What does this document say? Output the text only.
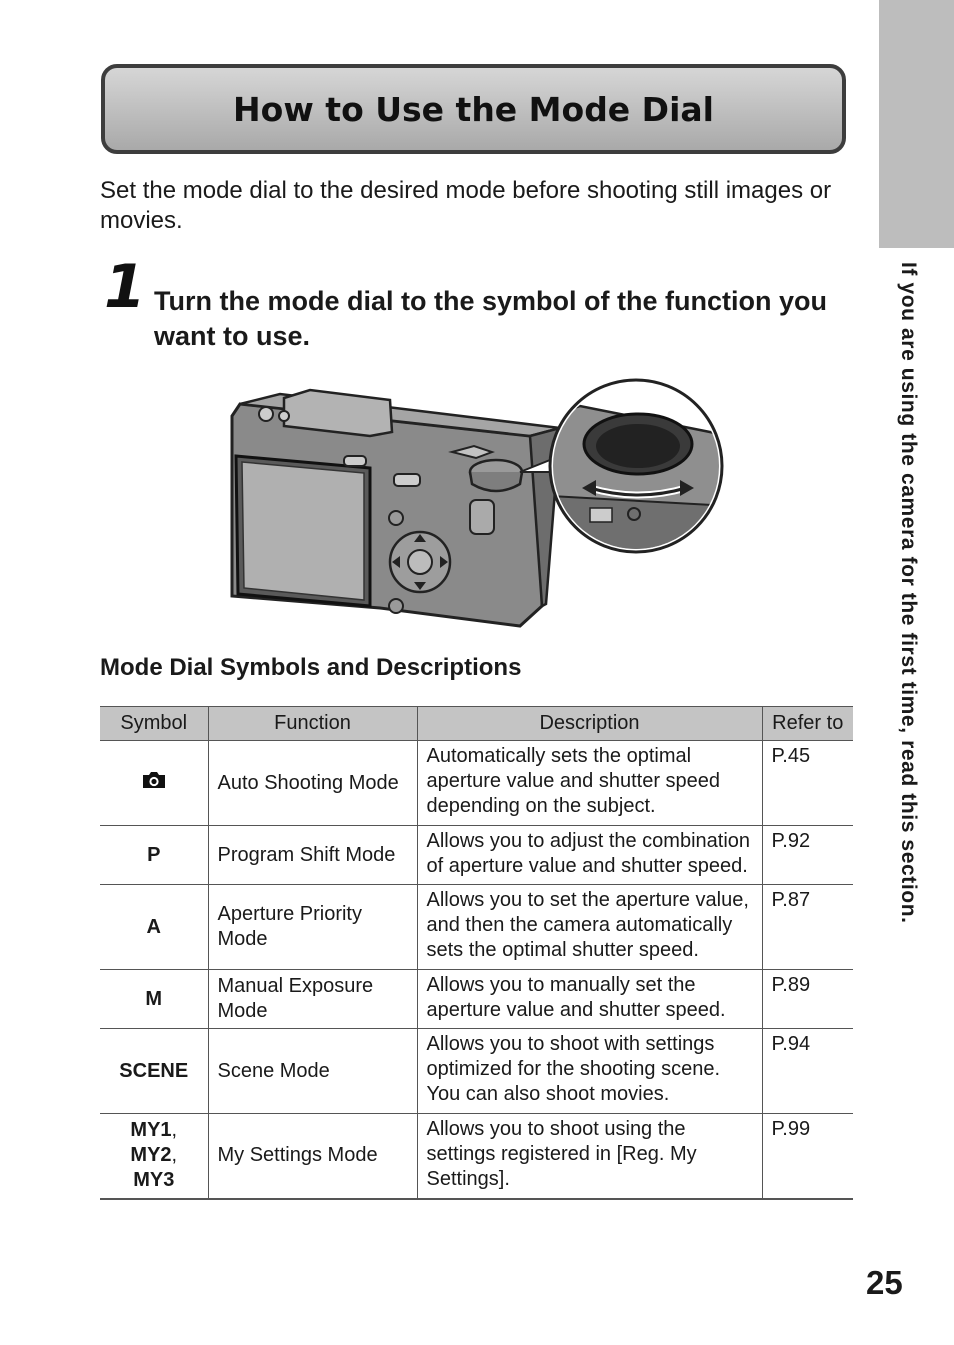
If you are using the camera for the first time, read this section.
How to Use the Mode Dial

Set the mode dial to the desired mode before shooting still images or movies.

1 Turn the mode dial to the symbol of the function you want to use.

Mode Dial Symbols and Descriptions
Symbol	Function	Description	Refer to
	Auto Shooting Mode	Automatically sets the optimal aperture value and shutter speed depending on the subject.	P.45
P	Program Shift Mode	Allows you to adjust the combination of aperture value and shutter speed.	P.92
A	Aperture Priority Mode	Allows you to set the aperture value, and then the camera automatically sets the optimal shutter speed.	P.87
M	Manual Exposure Mode	Allows you to manually set the aperture value and shutter speed.	P.89
SCENE	Scene Mode	Allows you to shoot with settings optimized for the shooting scene. You can also shoot movies.	P.94
MY1,
MY2,
MY3	My Settings Mode	Allows you to shoot using the settings registered in [Reg. My Settings].	P.99
25
